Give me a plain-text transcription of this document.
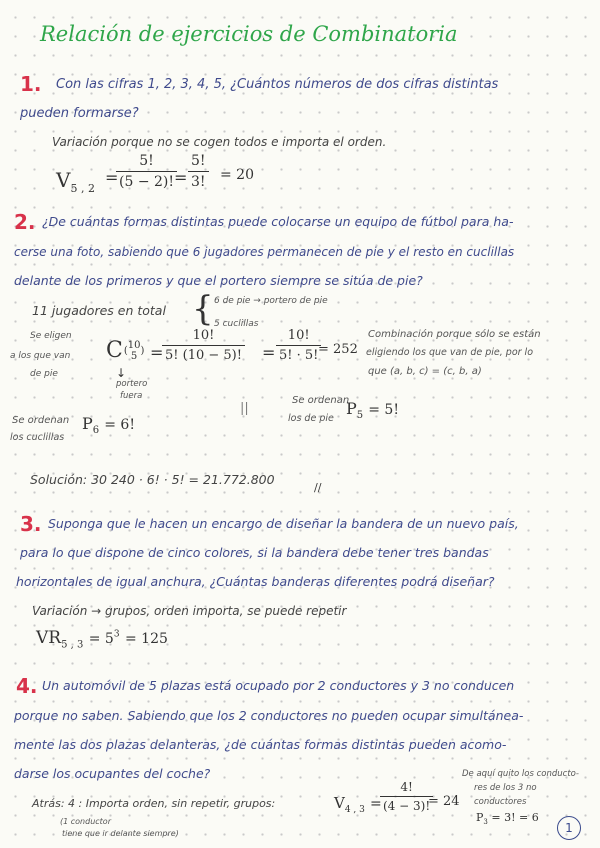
Relación de ejercicios de Combinatoria
1. Con las cifras 1, 2, 3, 4, 5, ¿Cuántos números de dos cifras distintas
pueden formarse?
Variación porque no se cogen todos e importa el orden.
$V_{5 , 2}$
=
$\frac{5!}{(5 - 2)!}$
= $\frac{5!}{3!} = 20$
2. ¿De cuántas formas distintas puede colocarse un equipo de fútbol para ha-
cerse una foto, sabiendo que 6 jugadores permanecen de pie y el resto en cuclillas
delante de los primeros y que el portero siempre se sitúa de pie?
11 jugadores en total { 6 de pie → portero de pie
5 cuclillas
Se eligen
a los que van
de pie
C( 10
5 ) =
$\frac{10!}{5! (10 - 5)!} = \frac{10!}{5! \cdot 5!}$
= 252
Combinación porque sólo se están
eligiendo los que van de pie, por lo
que (a, b, c) = (c, b, a)
↓
portero
fuera
Se ordenan
los cuclillas
$P_6 = 6$!
||
Se ordenan
los de pie
$P_5 = 5$!
Solución: 30 240 · 6! · 5! = 21.772.800
//
3. Suponga que le hacen un encargo de diseñar la bandera de un nuevo país,
para lo que dispone de cinco colores, si la bandera debe tener tres bandas
horizontales de igual anchura, ¿Cuántas banderas diferentes podrá diseñar?
Variación → grupos, orden importa, se puede repetir
$VR_{5 , 3} = 5^3 = 125$
4. Un automóvil de 5 plazas está ocupado por 2 conductores y 3 no conducen
porque no saben. Sabiendo que los 2 conductores no pueden ocupar simultánea-
mente las dos plazas delanteras, ¿de cuántas formas distintas pueden acomo-
darse los ocupantes del coche?
Atrás: 4 : Importa orden, sin repetir, grupos:	$V_{4 , 3}$ =
$\frac{4!}{(4 - 3)!}$
= 24
(1 conductor
tiene que ir delante siempre)
De aquí quito los conducto-
res de los 3 no
conductores
$P_3 = 3$! = 6
1
